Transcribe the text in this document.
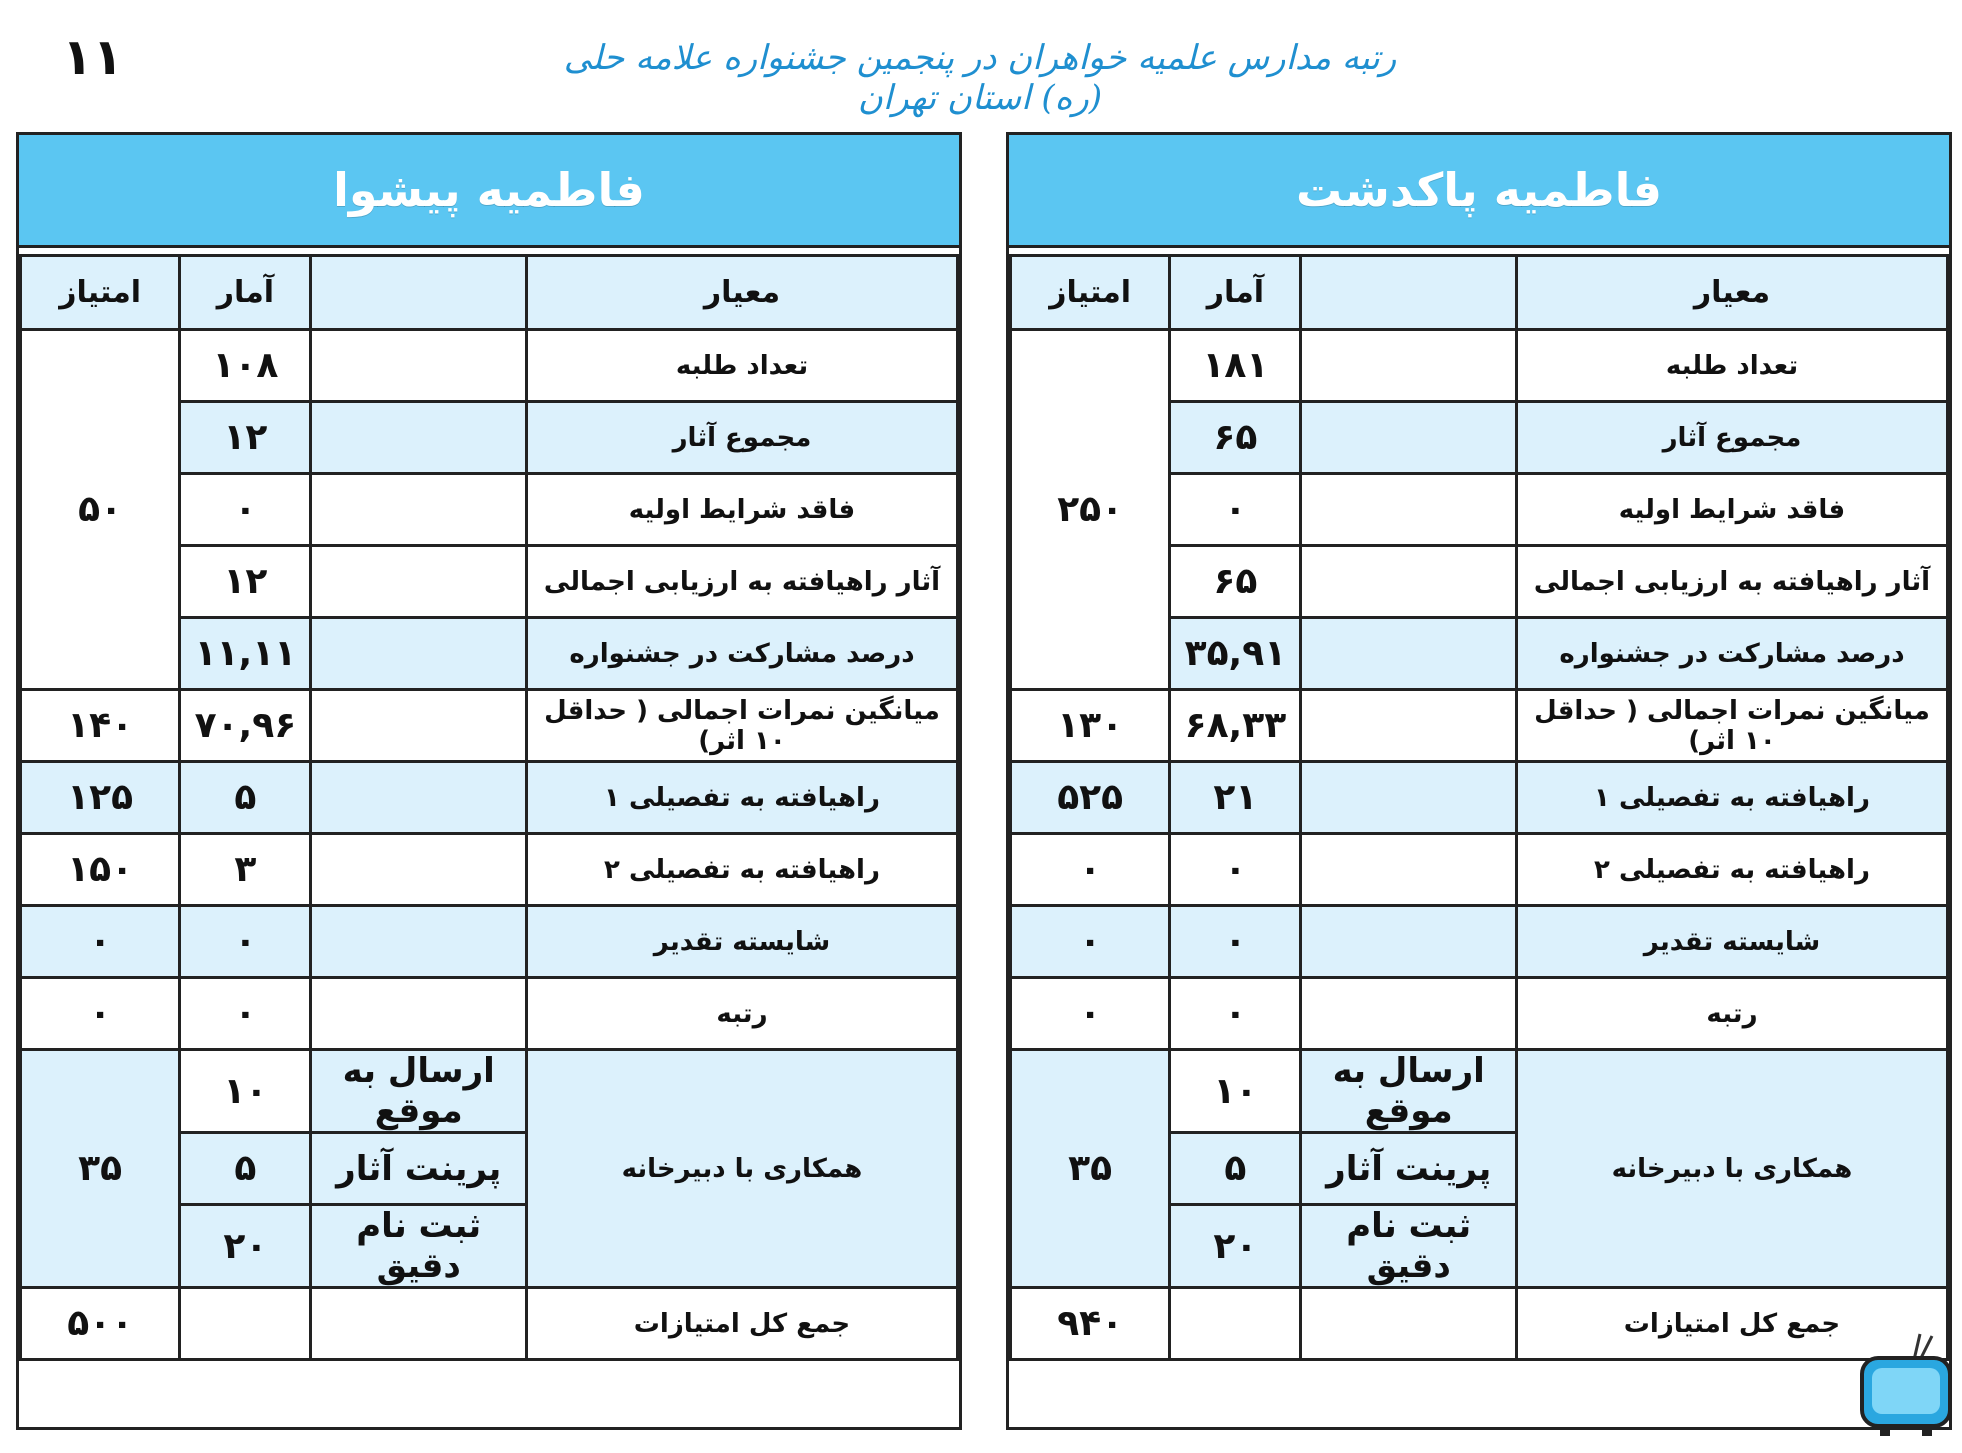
۱۱	رتبه مدارس علمیه خواهران در پنجمین جشنواره علامه حلی (ره) استان تهران
فاطمیه پیشوا
معیار		آمار	امتیاز
تعداد طلبه		۱۰۸	۵۰
مجموع آثار		۱۲	
فاقد شرایط اولیه		۰	
آثار راهیافته به ارزیابی اجمالی		۱۲	
درصد مشارکت در جشنواره		۱۱,۱۱	
میانگین نمرات اجمالی ( حداقل ۱۰ اثر)		۷۰,۹۶	۱۴۰
راهیافته به تفصیلی ۱		۵	۱۲۵
راهیافته به تفصیلی ۲		۳	۱۵۰
شایسته تقدیر		۰	۰
رتبه		۰	۰
همکاری با دبیرخانه	ارسال به موقع	۱۰	۳۵
	پرینت آثار	۵	
	ثبت نام دقیق	۲۰	
جمع کل امتیازات			۵۰۰
فاطمیه پاکدشت
معیار		آمار	امتیاز
تعداد طلبه		۱۸۱	۲۵۰
مجموع آثار		۶۵	
فاقد شرایط اولیه		۰	
آثار راهیافته به ارزیابی اجمالی		۶۵	
درصد مشارکت در جشنواره		۳۵,۹۱	
میانگین نمرات اجمالی ( حداقل ۱۰ اثر)		۶۸,۳۳	۱۳۰
راهیافته به تفصیلی ۱		۲۱	۵۲۵
راهیافته به تفصیلی ۲		۰	۰
شایسته تقدیر		۰	۰
رتبه		۰	۰
همکاری با دبیرخانه	ارسال به موقع	۱۰	۳۵
	پرینت آثار	۵	
	ثبت نام دقیق	۲۰	
جمع کل امتیازات			۹۴۰
